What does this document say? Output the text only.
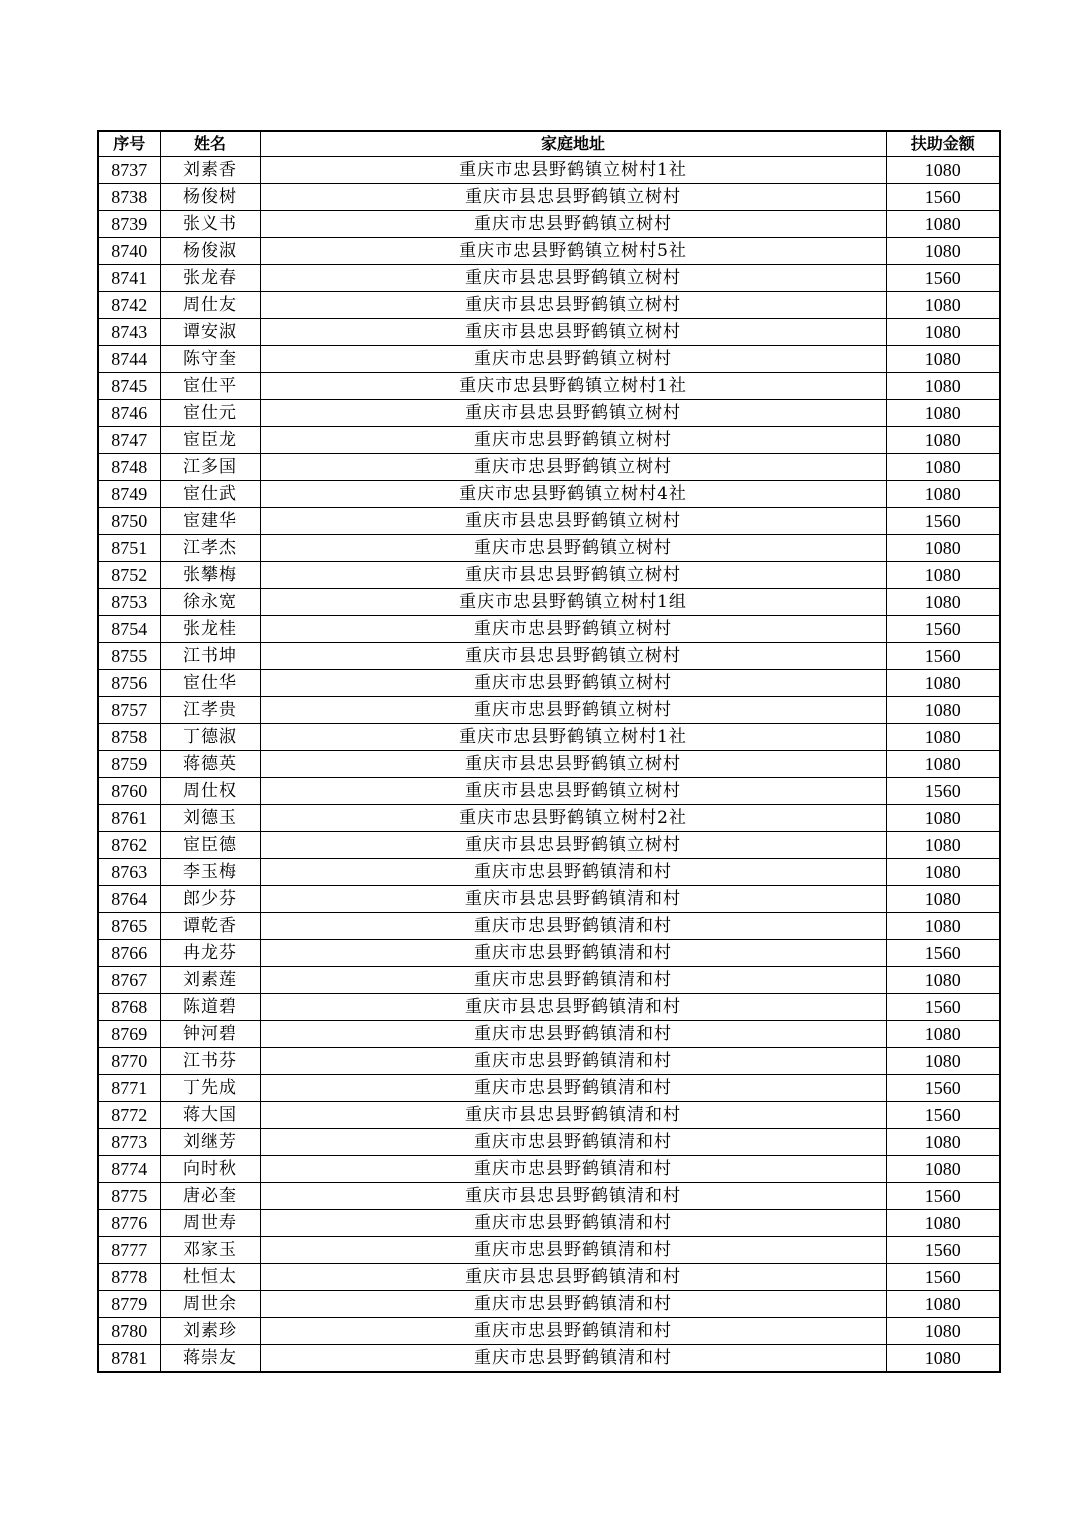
序号	姓名	家庭地址	扶助金额
8737	刘素香	重庆市忠县野鹤镇立树村1社	1080
8738	杨俊树	重庆市县忠县野鹤镇立树村	1560
8739	张义书	重庆市忠县野鹤镇立树村	1080
8740	杨俊淑	重庆市忠县野鹤镇立树村5社	1080
8741	张龙春	重庆市县忠县野鹤镇立树村	1560
8742	周仕友	重庆市县忠县野鹤镇立树村	1080
8743	谭安淑	重庆市县忠县野鹤镇立树村	1080
8744	陈守奎	重庆市忠县野鹤镇立树村	1080
8745	宦仕平	重庆市忠县野鹤镇立树村1社	1080
8746	宦仕元	重庆市县忠县野鹤镇立树村	1080
8747	宦臣龙	重庆市忠县野鹤镇立树村	1080
8748	江多国	重庆市忠县野鹤镇立树村	1080
8749	宦仕武	重庆市忠县野鹤镇立树村4社	1080
8750	宦建华	重庆市县忠县野鹤镇立树村	1560
8751	江孝杰	重庆市忠县野鹤镇立树村	1080
8752	张攀梅	重庆市县忠县野鹤镇立树村	1080
8753	徐永宽	重庆市忠县野鹤镇立树村1组	1080
8754	张龙桂	重庆市忠县野鹤镇立树村	1560
8755	江书坤	重庆市县忠县野鹤镇立树村	1560
8756	宦仕华	重庆市忠县野鹤镇立树村	1080
8757	江孝贵	重庆市忠县野鹤镇立树村	1080
8758	丁德淑	重庆市忠县野鹤镇立树村1社	1080
8759	蒋德英	重庆市县忠县野鹤镇立树村	1080
8760	周仕权	重庆市县忠县野鹤镇立树村	1560
8761	刘德玉	重庆市忠县野鹤镇立树村2社	1080
8762	宦臣德	重庆市县忠县野鹤镇立树村	1080
8763	李玉梅	重庆市忠县野鹤镇清和村	1080
8764	郎少芬	重庆市县忠县野鹤镇清和村	1080
8765	谭乾香	重庆市忠县野鹤镇清和村	1080
8766	冉龙芬	重庆市忠县野鹤镇清和村	1560
8767	刘素莲	重庆市忠县野鹤镇清和村	1080
8768	陈道碧	重庆市县忠县野鹤镇清和村	1560
8769	钟河碧	重庆市忠县野鹤镇清和村	1080
8770	江书芬	重庆市忠县野鹤镇清和村	1080
8771	丁先成	重庆市忠县野鹤镇清和村	1560
8772	蒋大国	重庆市县忠县野鹤镇清和村	1560
8773	刘继芳	重庆市忠县野鹤镇清和村	1080
8774	向时秋	重庆市忠县野鹤镇清和村	1080
8775	唐必奎	重庆市县忠县野鹤镇清和村	1560
8776	周世寿	重庆市忠县野鹤镇清和村	1080
8777	邓家玉	重庆市忠县野鹤镇清和村	1560
8778	杜恒太	重庆市县忠县野鹤镇清和村	1560
8779	周世余	重庆市忠县野鹤镇清和村	1080
8780	刘素珍	重庆市忠县野鹤镇清和村	1080
8781	蒋崇友	重庆市忠县野鹤镇清和村	1080
